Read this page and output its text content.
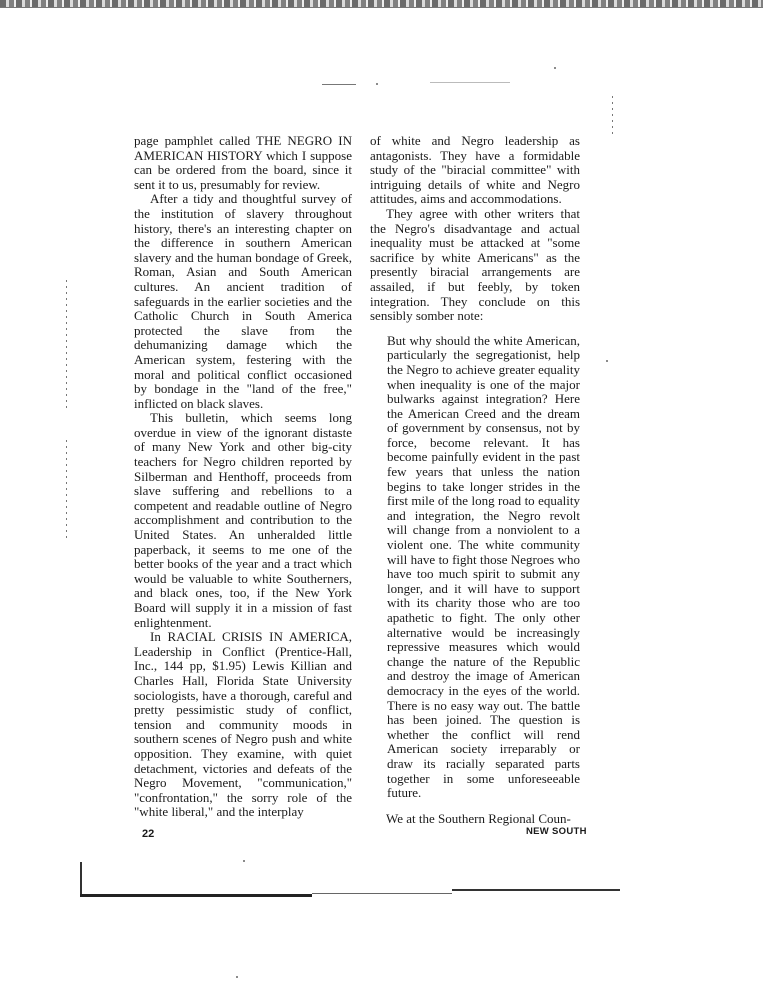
page pamphlet called THE NEGRO IN AMERICAN HISTORY which I suppose can be ordered from the board, since it sent it to us, presumably for review.

After a tidy and thoughtful survey of the institution of slavery throughout history, there's an interesting chapter on the difference in southern American slavery and the human bondage of Greek, Roman, Asian and South American cultures. An ancient tradition of safeguards in the earlier societies and the Catholic Church in South America protected the slave from the dehumanizing damage which the American system, festering with the moral and political conflict occasioned by bondage in the "land of the free," inflicted on black slaves.

This bulletin, which seems long overdue in view of the ignorant distaste of many New York and other big-city teachers for Negro children reported by Silberman and Henthoff, proceeds from slave suffering and rebellions to a competent and readable outline of Negro accomplishment and contribution to the United States. An unheralded little paperback, it seems to me one of the better books of the year and a tract which would be valuable to white Southerners, and black ones, too, if the New York Board will supply it in a mission of fast enlightenment.

In RACIAL CRISIS IN AMERICA, Leadership in Conflict (Prentice-Hall, Inc., 144 pp, $1.95) Lewis Killian and Charles Hall, Florida State University sociologists, have a thorough, careful and pretty pessimistic study of conflict, tension and community moods in southern scenes of Negro push and white opposition. They examine, with quiet detachment, victories and defeats of the Negro Movement, "communication," "confrontation," the sorry role of the "white liberal," and the interplay

of white and Negro leadership as antagonists. They have a formidable study of the "biracial committee" with intriguing details of white and Negro attitudes, aims and accommodations.

They agree with other writers that the Negro's disadvantage and actual inequality must be attacked at "some sacrifice by white Americans" as the presently biracial arrangements are assailed, if but feebly, by token integration. They conclude on this sensibly somber note:

But why should the white American, particularly the segregationist, help the Negro to achieve greater equality when inequality is one of the major bulwarks against integration? Here the American Creed and the dream of government by consensus, not by force, become relevant. It has become painfully evident in the past few years that unless the nation begins to take longer strides in the first mile of the long road to equality and integration, the Negro revolt will change from a nonviolent to a violent one. The white community will have to fight those Negroes who have too much spirit to submit any longer, and it will have to support with its charity those who are too apathetic to fight. The only other alternative would be increasingly repressive measures which would change the nature of the Republic and destroy the image of American democracy in the eyes of the world. There is no easy way out. The battle has been joined. The question is whether the conflict will rend American society irreparably or draw its racially separated parts together in some unforeseeable future.

We at the Southern Regional Coun-

22	NEW SOUTH
